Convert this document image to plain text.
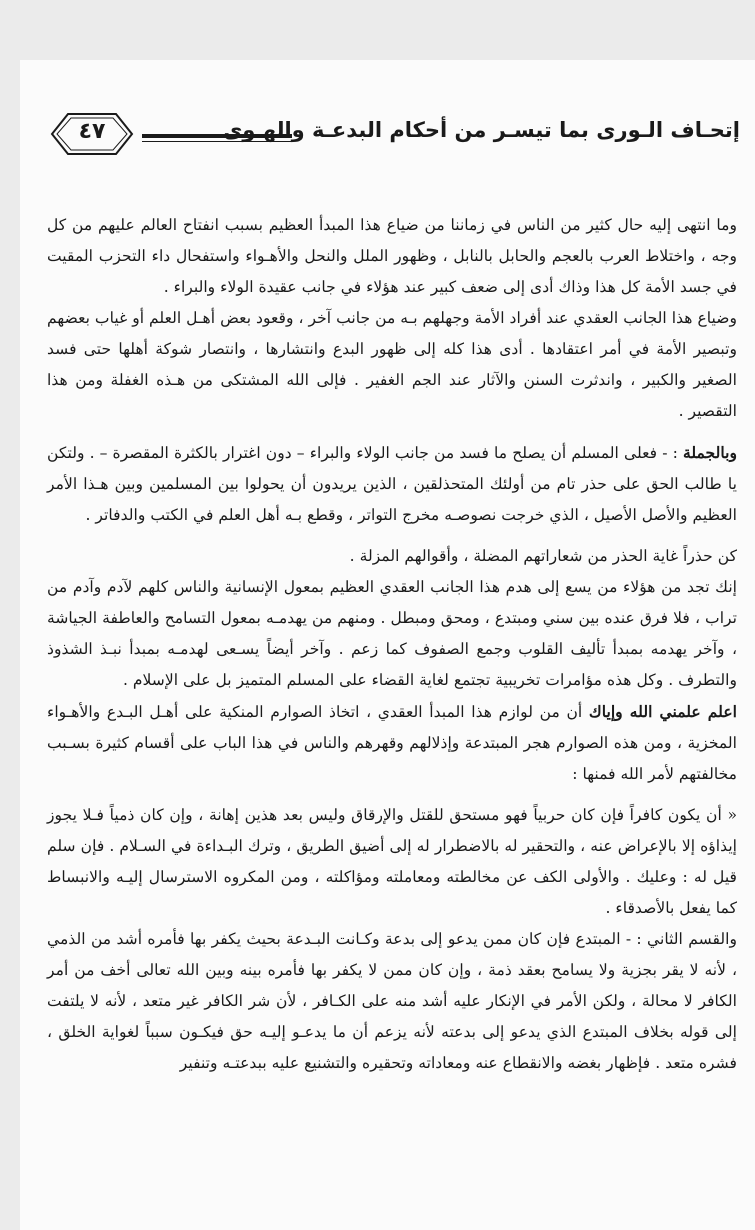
إتحـاف الـورى بما تيسـر من أحكام البدعـة والهـوى
٤٧

وما انتهى إليه حال كثير من الناس في زماننا من ضياع هذا المبدأ العظيم بسبب انفتاح العالم عليهم من كل وجه ، واختلاط العرب بالعجم والحابل بالنابل ، وظهور الملل والنحل والأهـواء واستفحال داء التحزب المقيت في جسد الأمة كل هذا وذاك أدى إلى ضعف كبير عند هؤلاء في جانب عقيدة الولاء والبراء .

وضياع هذا الجانب العقدي عند أفراد الأمة وجهلهم بـه من جانب آخر ، وقعود بعض أهـل العلم أو غياب بعضهم وتبصير الأمة في أمر اعتقادها . أدى هذا كله إلى ظهور البدع وانتشارها ، وانتصار شوكة أهلها حتى فسد الصغير والكبير ، واندثرت السنن والآثار عند الجم الغفير . فإلى الله المشتكى من هـذه الغفلة ومن هذا التقصير .

وبالجملة : - فعلى المسلم أن يصلح ما فسد من جانب الولاء والبراء – دون اغترار بالكثرة المقصرة – . ولتكن يا طالب الحق على حذر تام من أولئك المتحذلقين ، الذين يريدون أن يحولوا بين المسلمين وبين هـذا الأمر العظيم والأصل الأصيل ، الذي خرجت نصوصـه مخرج التواتر ، وقطع بـه أهل العلم في الكتب والدفاتر .

كن حذراً غاية الحذر من شعاراتهم المضلة ، وأقوالهم المزلة .

إنك تجد من هؤلاء من يسع إلى هدم هذا الجانب العقدي العظيم بمعول الإنسانية والناس كلهم لآدم وآدم من تراب ، فلا فرق عنده بين سني ومبتدع ، ومحق ومبطل . ومنهم من يهدمـه بمعول التسامح والعاطفة الجياشة ، وآخر يهدمه بمبدأ تأليف القلوب وجمع الصفوف كما زعم . وآخر أيضاً يسـعى لهدمـه بمبدأ نبـذ الشذوذ والتطرف . وكل هذه مؤامرات تخريبية تجتمع لغاية القضاء على المسلم المتميز بل على الإسلام .

اعلم علمني الله وإياك أن من لوازم هذا المبدأ العقدي ، اتخاذ الصوارم المنكية على أهـل البـدع والأهـواء المخزية ، ومن هذه الصوارم هجر المبتدعة وإذلالهم وقهرهم والناس في هذا الباب على أقسام كثيرة بسـبب مخالفتهم لأمر الله فمنها :

« أن يكون كافراً فإن كان حربياً فهو مستحق للقتل والإرقاق وليس بعد هذين إهانة ، وإن كان ذمياً فـلا يجوز إيذاؤه إلا بالإعراض عنه ، والتحقير له بالاضطرار له إلى أضيق الطريق ، وترك البـداءة في السـلام . فإن سلم قيل له : وعليك . والأولى الكف عن مخالطته ومعاملته ومؤاكلته ، ومن المكروه الاسترسال إليـه والانبساط كما يفعل بالأصدقاء .

والقسم الثاني : - المبتدع فإن كان ممن يدعو إلى بدعة وكـانت البـدعة بحيث يكفر بها فأمره أشد من الذمي ، لأنه لا يقر بجزية ولا يسامح بعقد ذمة ، وإن كان ممن لا يكفر بها فأمره بينه وبين الله تعالى أخف من أمر الكافر لا محالة ، ولكن الأمر في الإنكار عليه أشد منه على الكـافر ، لأن شر الكافر غير متعد ، لأنه لا يلتفت إلى قوله بخلاف المبتدع الذي يدعو إلى بدعته لأنه يزعم أن ما يدعـو إليـه حق فيكـون سبباً لغواية الخلق ، فشره متعد . فإظهار بغضه والانقطاع عنه ومعاداته وتحقيره والتشنيع عليه ببدعتـه وتنفير
